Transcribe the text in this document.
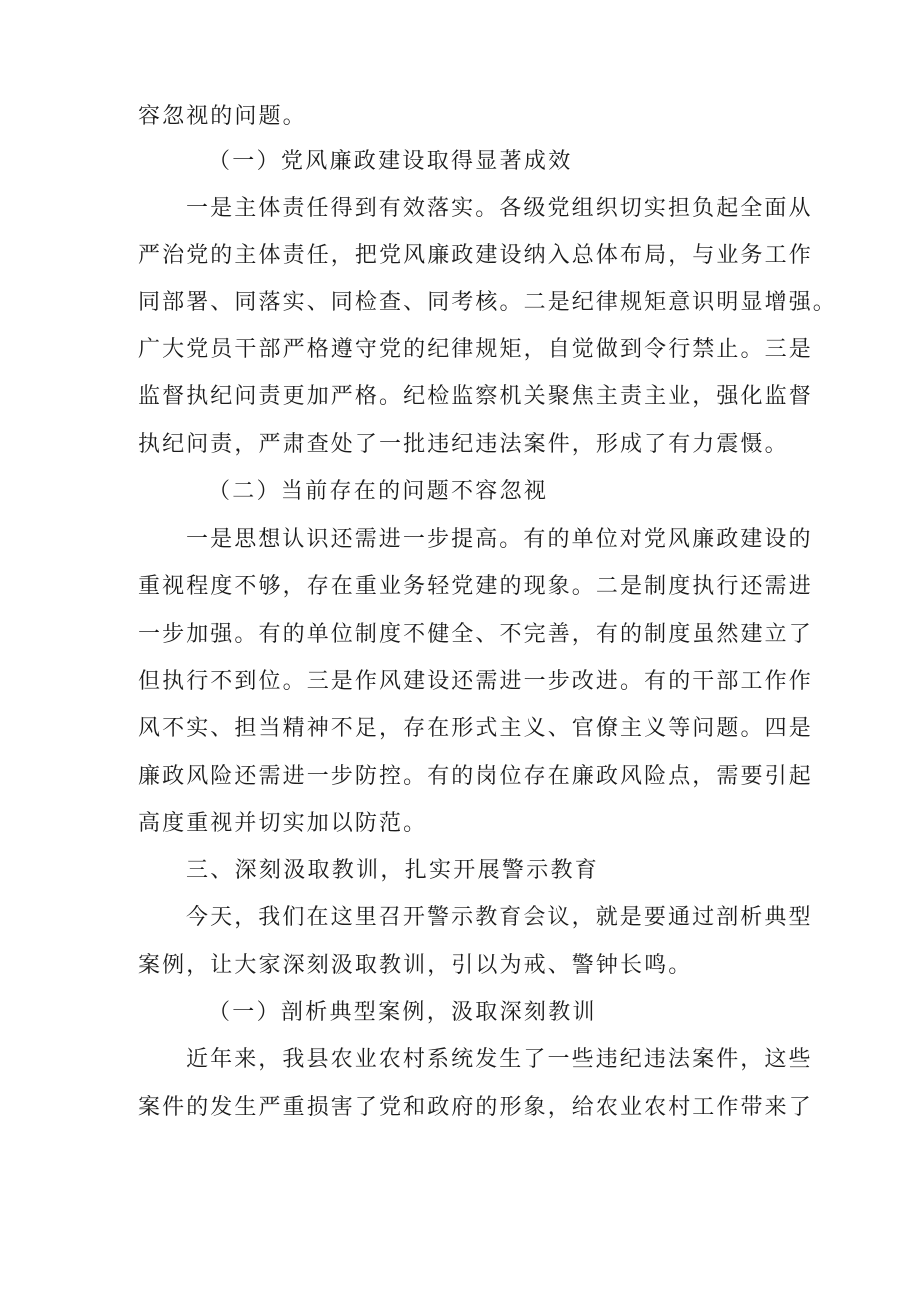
容忽视的问题。
（一）党风廉政建设取得显著成效
一是主体责任得到有效落实。各级党组织切实担负起全面从
严治党的主体责任，把党风廉政建设纳入总体布局，与业务工作
同部署、同落实、同检查、同考核。二是纪律规矩意识明显增强。
广大党员干部严格遵守党的纪律规矩，自觉做到令行禁止。三是
监督执纪问责更加严格。纪检监察机关聚焦主责主业，强化监督
执纪问责，严肃查处了一批违纪违法案件，形成了有力震慑。
（二）当前存在的问题不容忽视
一是思想认识还需进一步提高。有的单位对党风廉政建设的
重视程度不够，存在重业务轻党建的现象。二是制度执行还需进
一步加强。有的单位制度不健全、不完善，有的制度虽然建立了
但执行不到位。三是作风建设还需进一步改进。有的干部工作作
风不实、担当精神不足，存在形式主义、官僚主义等问题。四是
廉政风险还需进一步防控。有的岗位存在廉政风险点，需要引起
高度重视并切实加以防范。
三、深刻汲取教训，扎实开展警示教育
今天，我们在这里召开警示教育会议，就是要通过剖析典型
案例，让大家深刻汲取教训，引以为戒、警钟长鸣。
（一）剖析典型案例，汲取深刻教训
近年来，我县农业农村系统发生了一些违纪违法案件，这些
案件的发生严重损害了党和政府的形象，给农业农村工作带来了
